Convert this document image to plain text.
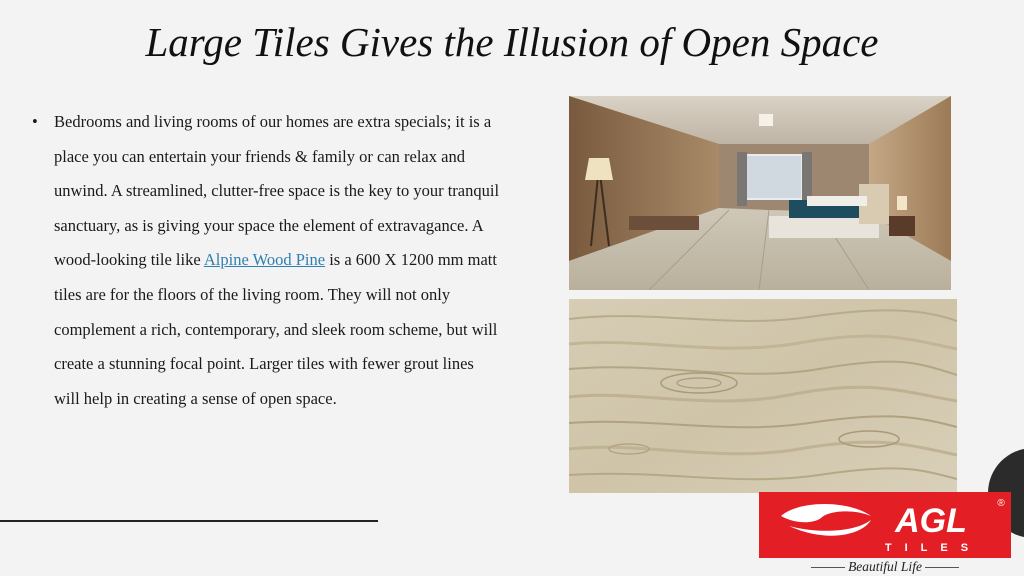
Large Tiles Gives the Illusion of Open Space
• Bedrooms and living rooms of our homes are extra specials; it is a place you can entertain your friends & family or can relax and unwind. A streamlined, clutter-free space is the key to your tranquil sanctuary, as is giving your space the element of extravagance. A wood-looking tile like Alpine Wood Pine is a 600 X 1200 mm matt tiles are for the floors of the living room. They will not only complement a rich, contemporary, and sleek room scheme, but will create a stunning focal point. Larger tiles with fewer grout lines will help in creating a sense of open space.
AGL
TILES
®
Beautiful Life
